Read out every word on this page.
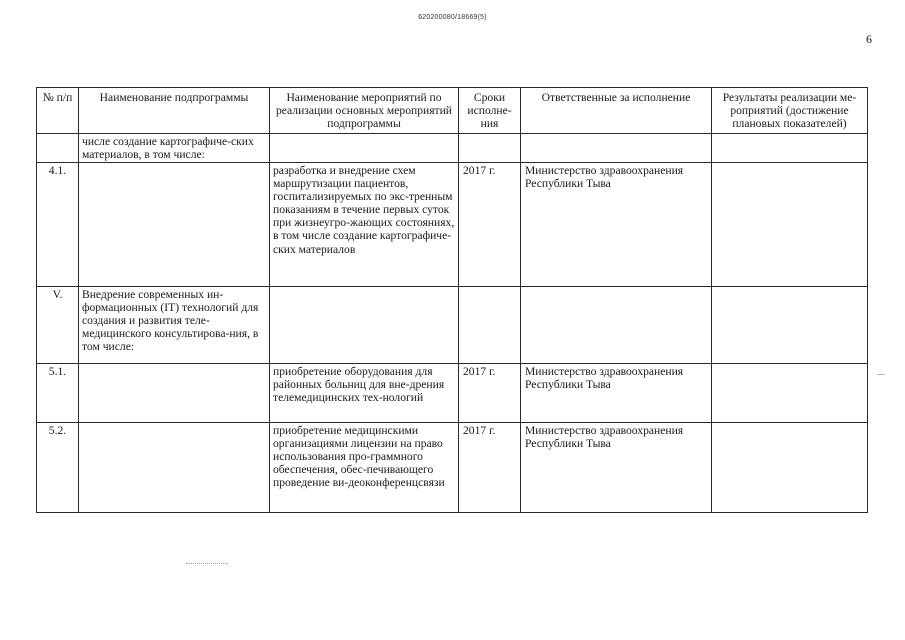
620200080/18669(5)
6
№ п/п	Наименование подпрограммы	Наименование мероприятий по реализации основных мероприятий подпрограммы	Сроки исполне-ния	Ответственные за исполнение	Результаты реализации ме-роприятий (достижение плановых показателей)
	числе создание картографиче-ских материалов, в том числе:				
4.1.		разработка и внедрение схем маршрутизации пациентов, госпитализируемых по экс-тренным показаниям в течение первых суток при жизнеугро-жающих состояниях, в том числе создание картографиче-ских материалов	2017 г.	Министерство здравоохранения Республики Тыва	
V.	Внедрение современных ин-формационных (IT) технологий для создания и развития теле-медицинского консультирова-ния, в том числе:				
5.1.		приобретение оборудования для районных больниц для вне-дрения телемедицинских тех-нологий	2017 г.	Министерство здравоохранения Республики Тыва	
5.2.		приобретение медицинскими организациями лицензии на право использования про-граммного обеспечения, обес-печивающего проведение ви-деоконференцсвязи	2017 г.	Министерство здравоохранения Республики Тыва	
